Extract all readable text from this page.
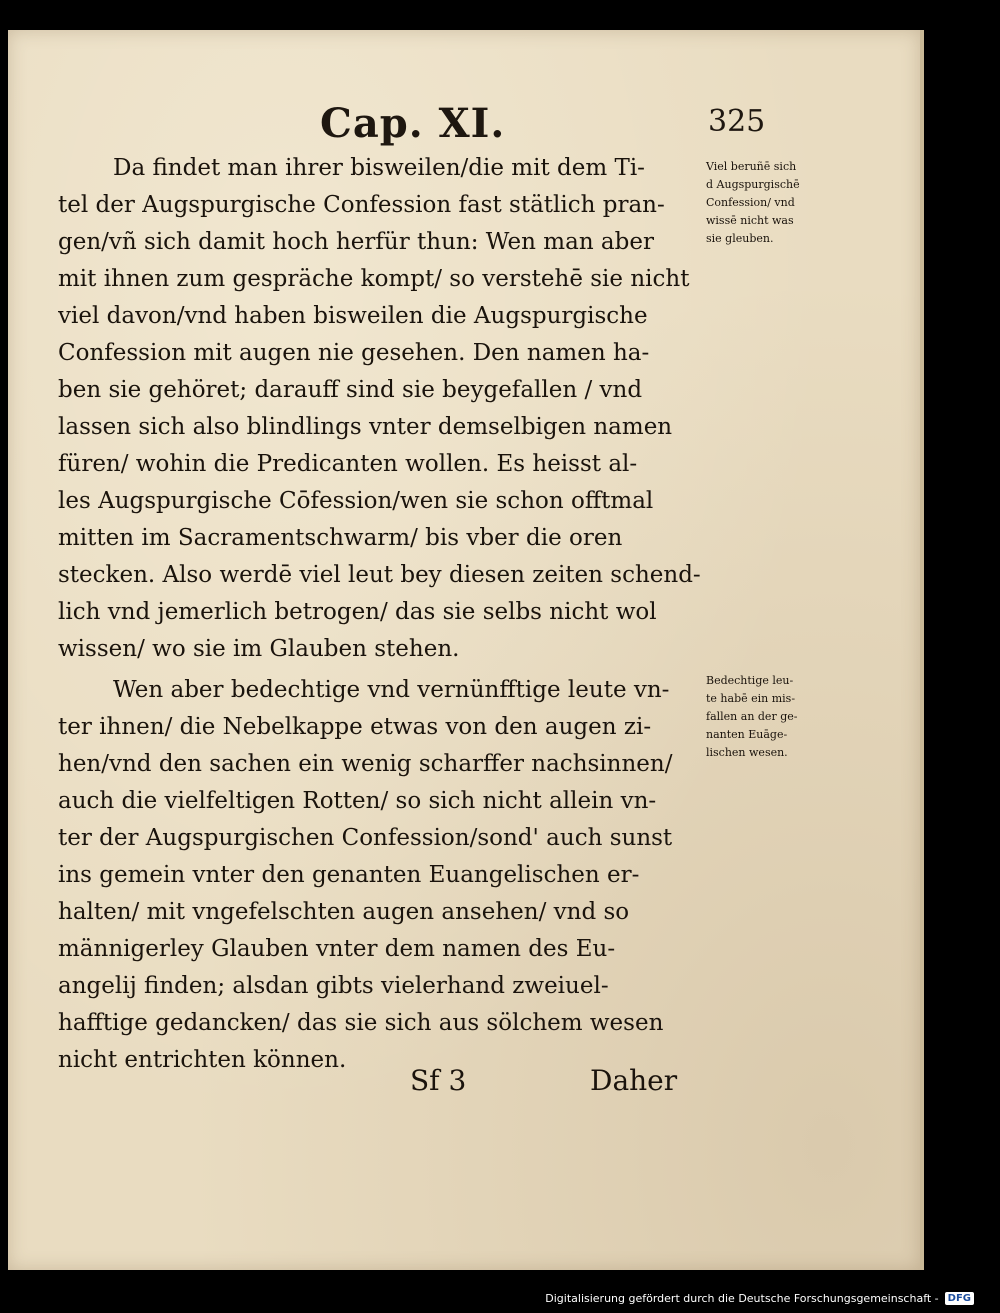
Cap. XI.	325
Da findet man ihrer bisweilen/die mit dem Ti-
tel der Augspurgische Confession fast stätlich pran-
gen/vñ sich damit hoch herfür thun: Wen man aber
mit ihnen zum gespräche kompt/ so verstehē sie nicht
viel davon/vnd haben bisweilen die Augspurgische
Confession mit augen nie gesehen. Den namen ha-
ben sie gehöret; darauff sind sie beygefallen / vnd
lassen sich also blindlings vnter demselbigen namen
füren/ wohin die Predicanten wollen. Es heisst al-
les Augspurgische Cōfession/wen sie schon offtmal
mitten im Sacramentschwarm/ bis vber die oren
stecken. Also werdē viel leut bey diesen zeiten schend-
lich vnd jemerlich betrogen/ das sie selbs nicht wol
wissen/ wo sie im Glauben stehen.
Wen aber bedechtige vnd vernünfftige leute vn-
ter ihnen/ die Nebelkappe etwas von den augen zi-
hen/vnd den sachen ein wenig scharffer nachsinnen/
auch die vielfeltigen Rotten/ so sich nicht allein vn-
ter der Augspurgischen Confession/sond' auch sunst
ins gemein vnter den genanten Euangelischen er-
halten/ mit vngefelschten augen ansehen/ vnd so
männigerley Glauben vnter dem namen des Eu-
angelij finden; alsdan gibts vielerhand zweiuel-
hafftige gedancken/ das sie sich aus sölchem wesen
nicht entrichten können.
Viel beruñē sich
d Augspurgischē
Confession/ vnd
wissē nicht was
sie gleuben.
Bedechtige leu-
te habē ein mis-
fallen an der ge-
nanten Euāge-
lischen wesen.
Sf 3	Daher
Digitalisierung gefördert durch die Deutsche Forschungsgemeinschaft - DFG
